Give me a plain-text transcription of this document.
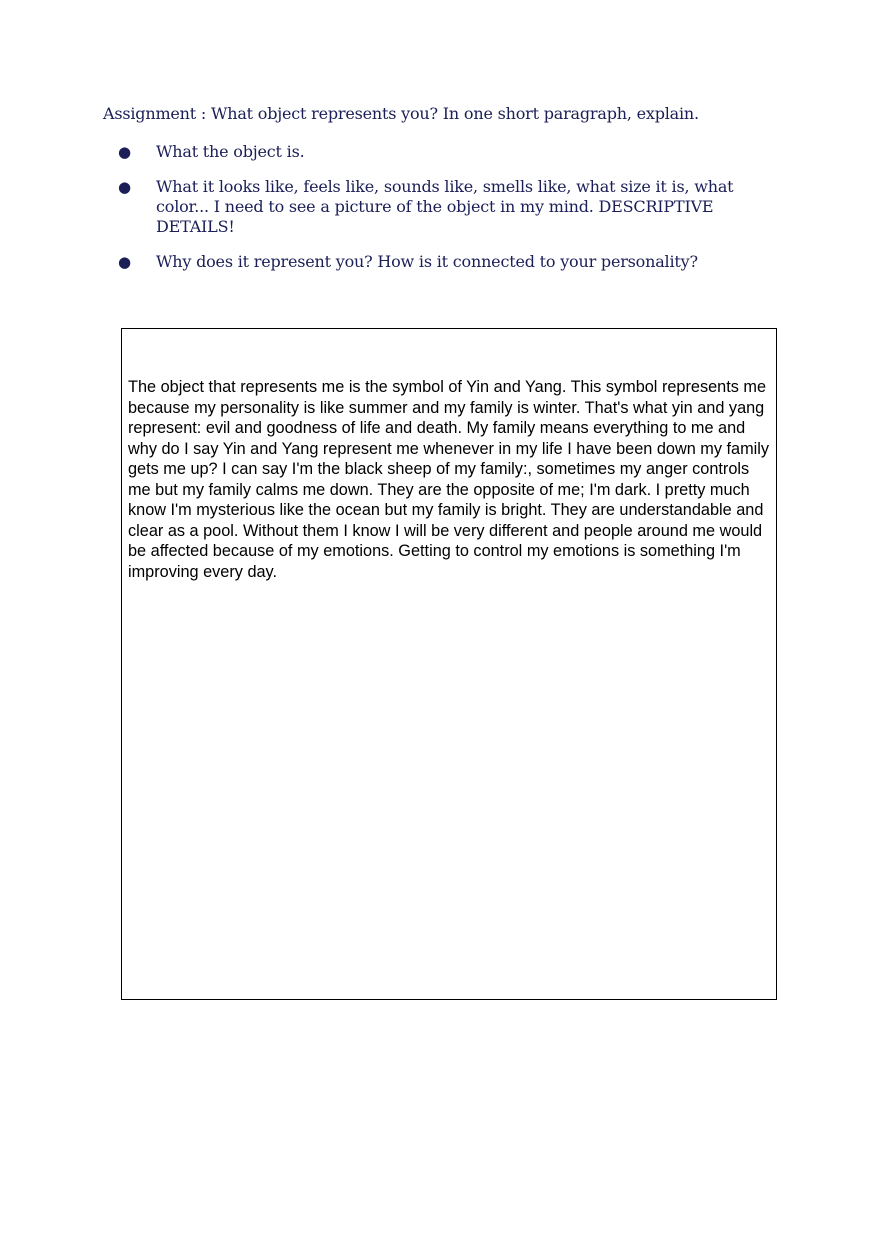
Assignment : What object represents you? In one short paragraph, explain.

● What the object is.
● What it looks like, feels like, sounds like, smells like, what size it is, what color... I need to see a picture of the object in my mind. DESCRIPTIVE DETAILS!
● Why does it represent you? How is it connected to your personality?

The object that represents me is the symbol of Yin and Yang. This symbol represents me because my personality is like summer and my family is winter. That's what yin and yang represent: evil and goodness of life and death. My family means everything to me and why do I say Yin and Yang represent me whenever in my life I have been down my family gets me up? I can say I'm the black sheep of my family:, sometimes my anger controls me but my family calms me down. They are the opposite of me; I'm dark. I pretty much know I'm mysterious like the ocean but my family is bright. They are understandable and clear as a pool. Without them I know I will be very different and people around me would be affected because of my emotions. Getting to control my emotions is something I'm improving every day.
